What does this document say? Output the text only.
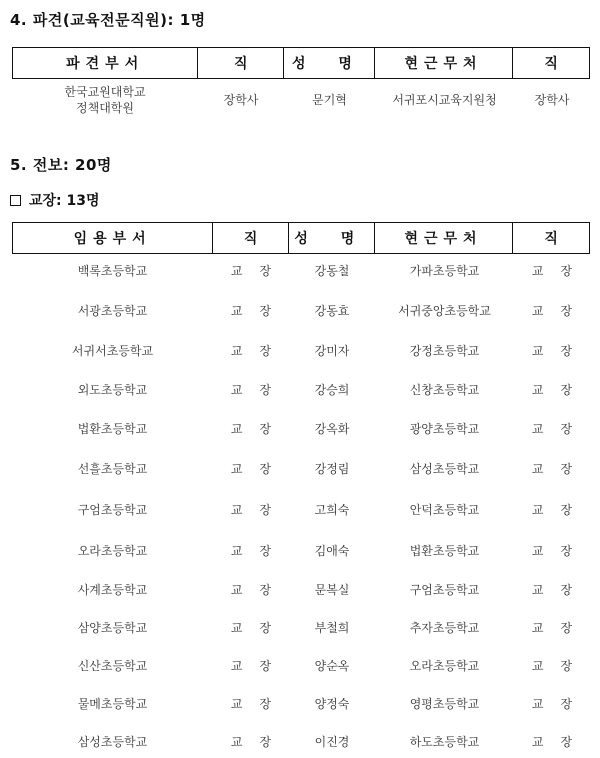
4. 파견(교육전문직원): 1명
파견부서	직	성 명	현근무처	직
한국교원대학교
정책대학원
장학사	문기혁	서귀포시교육지원청	장학사
5. 전보: 20명
교장: 13명
임용부서	직	성 명	현근무처	직
백록초등학교	교장	강동철	가파초등학교	교장
서광초등학교	교장	강동효	서귀중앙초등학교	교장
서귀서초등학교	교장	강미자	강정초등학교	교장
외도초등학교	교장	강승희	신창초등학교	교장
법환초등학교	교장	강옥화	광양초등학교	교장
선흘초등학교	교장	강정림	삼성초등학교	교장
구엄초등학교	교장	고희숙	안덕초등학교	교장
오라초등학교	교장	김애숙	법환초등학교	교장
사계초등학교	교장	문복실	구엄초등학교	교장
삼양초등학교	교장	부철희	추자초등학교	교장
신산초등학교	교장	양순옥	오라초등학교	교장
물메초등학교	교장	양정숙	영평초등학교	교장
삼성초등학교	교장	이진경	하도초등학교	교장
